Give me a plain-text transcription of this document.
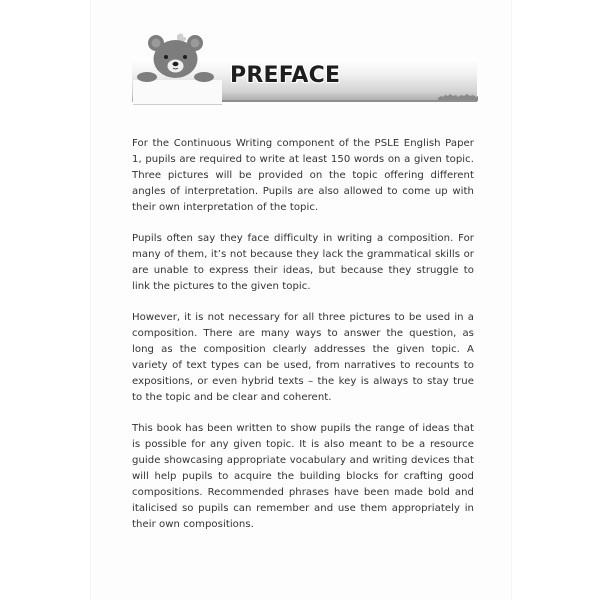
PREFACE

For the Continuous Writing component of the PSLE English Paper 1, pupils are required to write at least 150 words on a given topic. Three pictures will be provided on the topic offering different angles of interpretation. Pupils are also allowed to come up with their own interpretation of the topic.

Pupils often say they face difficulty in writing a composition. For many of them, it’s not because they lack the grammatical skills or are unable to express their ideas, but because they struggle to link the pictures to the given topic.

However, it is not necessary for all three pictures to be used in a composition. There are many ways to answer the question, as long as the composition clearly addresses the given topic. A variety of text types can be used, from narratives to recounts to expositions, or even hybrid texts – the key is always to stay true to the topic and be clear and coherent.

This book has been written to show pupils the range of ideas that is possible for any given topic. It is also meant to be a resource guide showcasing appropriate vocabulary and writing devices that will help pupils to acquire the building blocks for crafting good compositions. Recommended phrases have been made bold and italicised so pupils can remember and use them appropriately in their own compositions.
